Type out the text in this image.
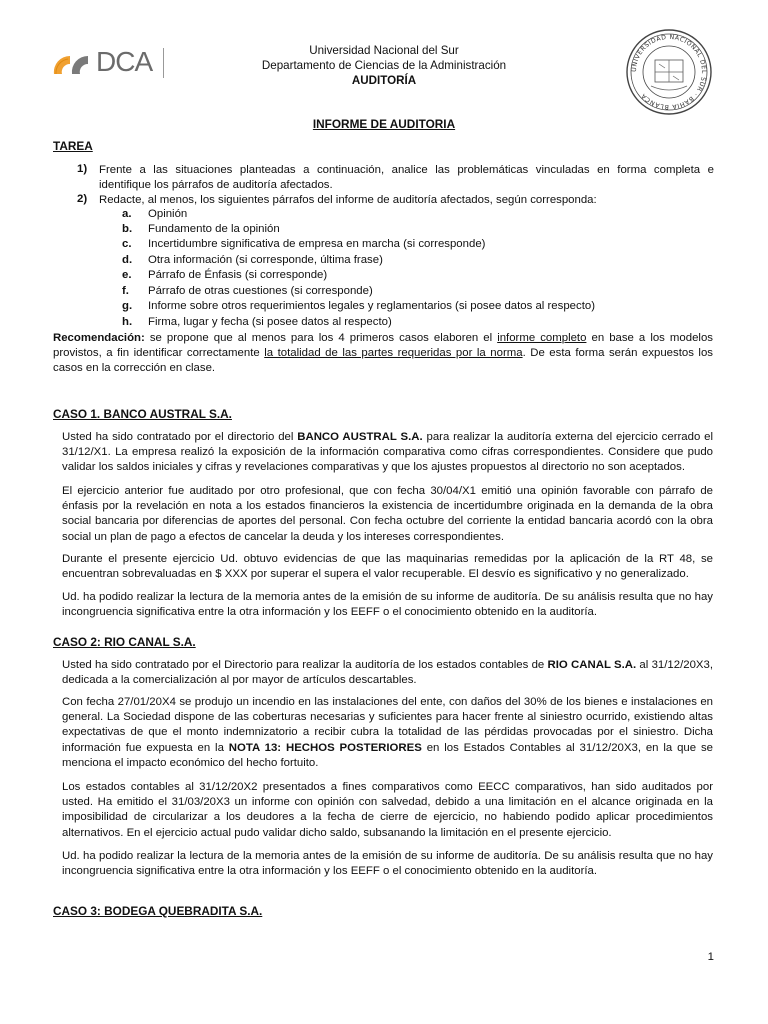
DCA	Universidad Nacional del Sur
Departamento de Ciencias de la Administración
AUDITORÍA
UNIVERSIDAD NACIONAL DEL SUR · BAHIA BLANCA
INFORME DE AUDITORIA
TAREA
1) Frente a las situaciones planteadas a continuación, analice las problemáticas vinculadas en forma completa e
identifique los párrafos de auditoría afectados.
2) Redacte, al menos, los siguientes párrafos del informe de auditoría afectados, según corresponda:
a.	Opinión
b.	Fundamento de la opinión
c.	Incertidumbre significativa de empresa en marcha (si corresponde)
d.	Otra información (si corresponde, última frase)
e.	Párrafo de Énfasis (si corresponde)
f.	Párrafo de otras cuestiones (si corresponde)
g.	Informe sobre otros requerimientos legales y reglamentarios (si posee datos al respecto)
h.	Firma, lugar y fecha (si posee datos al respecto)
Recomendación: se propone que al menos para los 4 primeros casos elaboren el informe completo en base a los modelos provistos, a fin identificar correctamente la totalidad de las partes requeridas por la norma. De esta forma serán expuestos los casos en la corrección en clase.
CASO 1. BANCO AUSTRAL S.A.
Usted ha sido contratado por el directorio del BANCO AUSTRAL S.A. para realizar la auditoría externa del ejercicio cerrado el 31/12/X1. La empresa realizó la exposición de la información comparativa como cifras correspondientes. Considere que pudo validar los saldos iniciales y cifras y revelaciones comparativas y que los ajustes propuestos al directorio no son aceptados.
El ejercicio anterior fue auditado por otro profesional, que con fecha 30/04/X1 emitió una opinión favorable con párrafo de énfasis por la revelación en nota a los estados financieros la existencia de incertidumbre originada en la demanda de la obra social bancaria por diferencias de aportes del personal. Con fecha octubre del corriente la entidad bancaria acordó con la obra social un plan de pago a efectos de cancelar la deuda y los intereses correspondientes.
Durante el presente ejercicio Ud. obtuvo evidencias de que las maquinarias remedidas por la aplicación de la RT 48, se encuentran sobrevaluadas en $ XXX por superar el supera el valor recuperable. El desvío es significativo y no generalizado.
Ud. ha podido realizar la lectura de la memoria antes de la emisión de su informe de auditoría. De su análisis resulta que no hay incongruencia significativa entre la otra información y los EEFF o el conocimiento obtenido en la auditoría.
CASO 2: RIO CANAL S.A.
Usted ha sido contratado por el Directorio para realizar la auditoría de los estados contables de RIO CANAL S.A. al 31/12/20X3, dedicada a la comercialización al por mayor de artículos descartables.
Con fecha 27/01/20X4 se produjo un incendio en las instalaciones del ente, con daños del 30% de los bienes e instalaciones en general. La Sociedad dispone de las coberturas necesarias y suficientes para hacer frente al siniestro ocurrido, existiendo altas expectativas de que el monto indemnizatorio a recibir cubra la totalidad de las pérdidas provocadas por el siniestro. Dicha información fue expuesta en la NOTA 13: HECHOS POSTERIORES en los Estados Contables al 31/12/20X3, en la que se menciona el impacto económico del hecho fortuito.
Los estados contables al 31/12/20X2 presentados a fines comparativos como EECC comparativos, han sido auditados por usted. Ha emitido el 31/03/20X3 un informe con opinión con salvedad, debido a una limitación en el alcance originada en la imposibilidad de circularizar a los deudores a la fecha de cierre de ejercicio, no habiendo podido aplicar procedimientos alternativos. En el ejercicio actual pudo validar dicho saldo, subsanando la limitación en el presente ejercicio.
Ud. ha podido realizar la lectura de la memoria antes de la emisión de su informe de auditoría. De su análisis resulta que no hay incongruencia significativa entre la otra información y los EEFF o el conocimiento obtenido en la auditoría.
CASO 3: BODEGA QUEBRADITA S.A.
1
